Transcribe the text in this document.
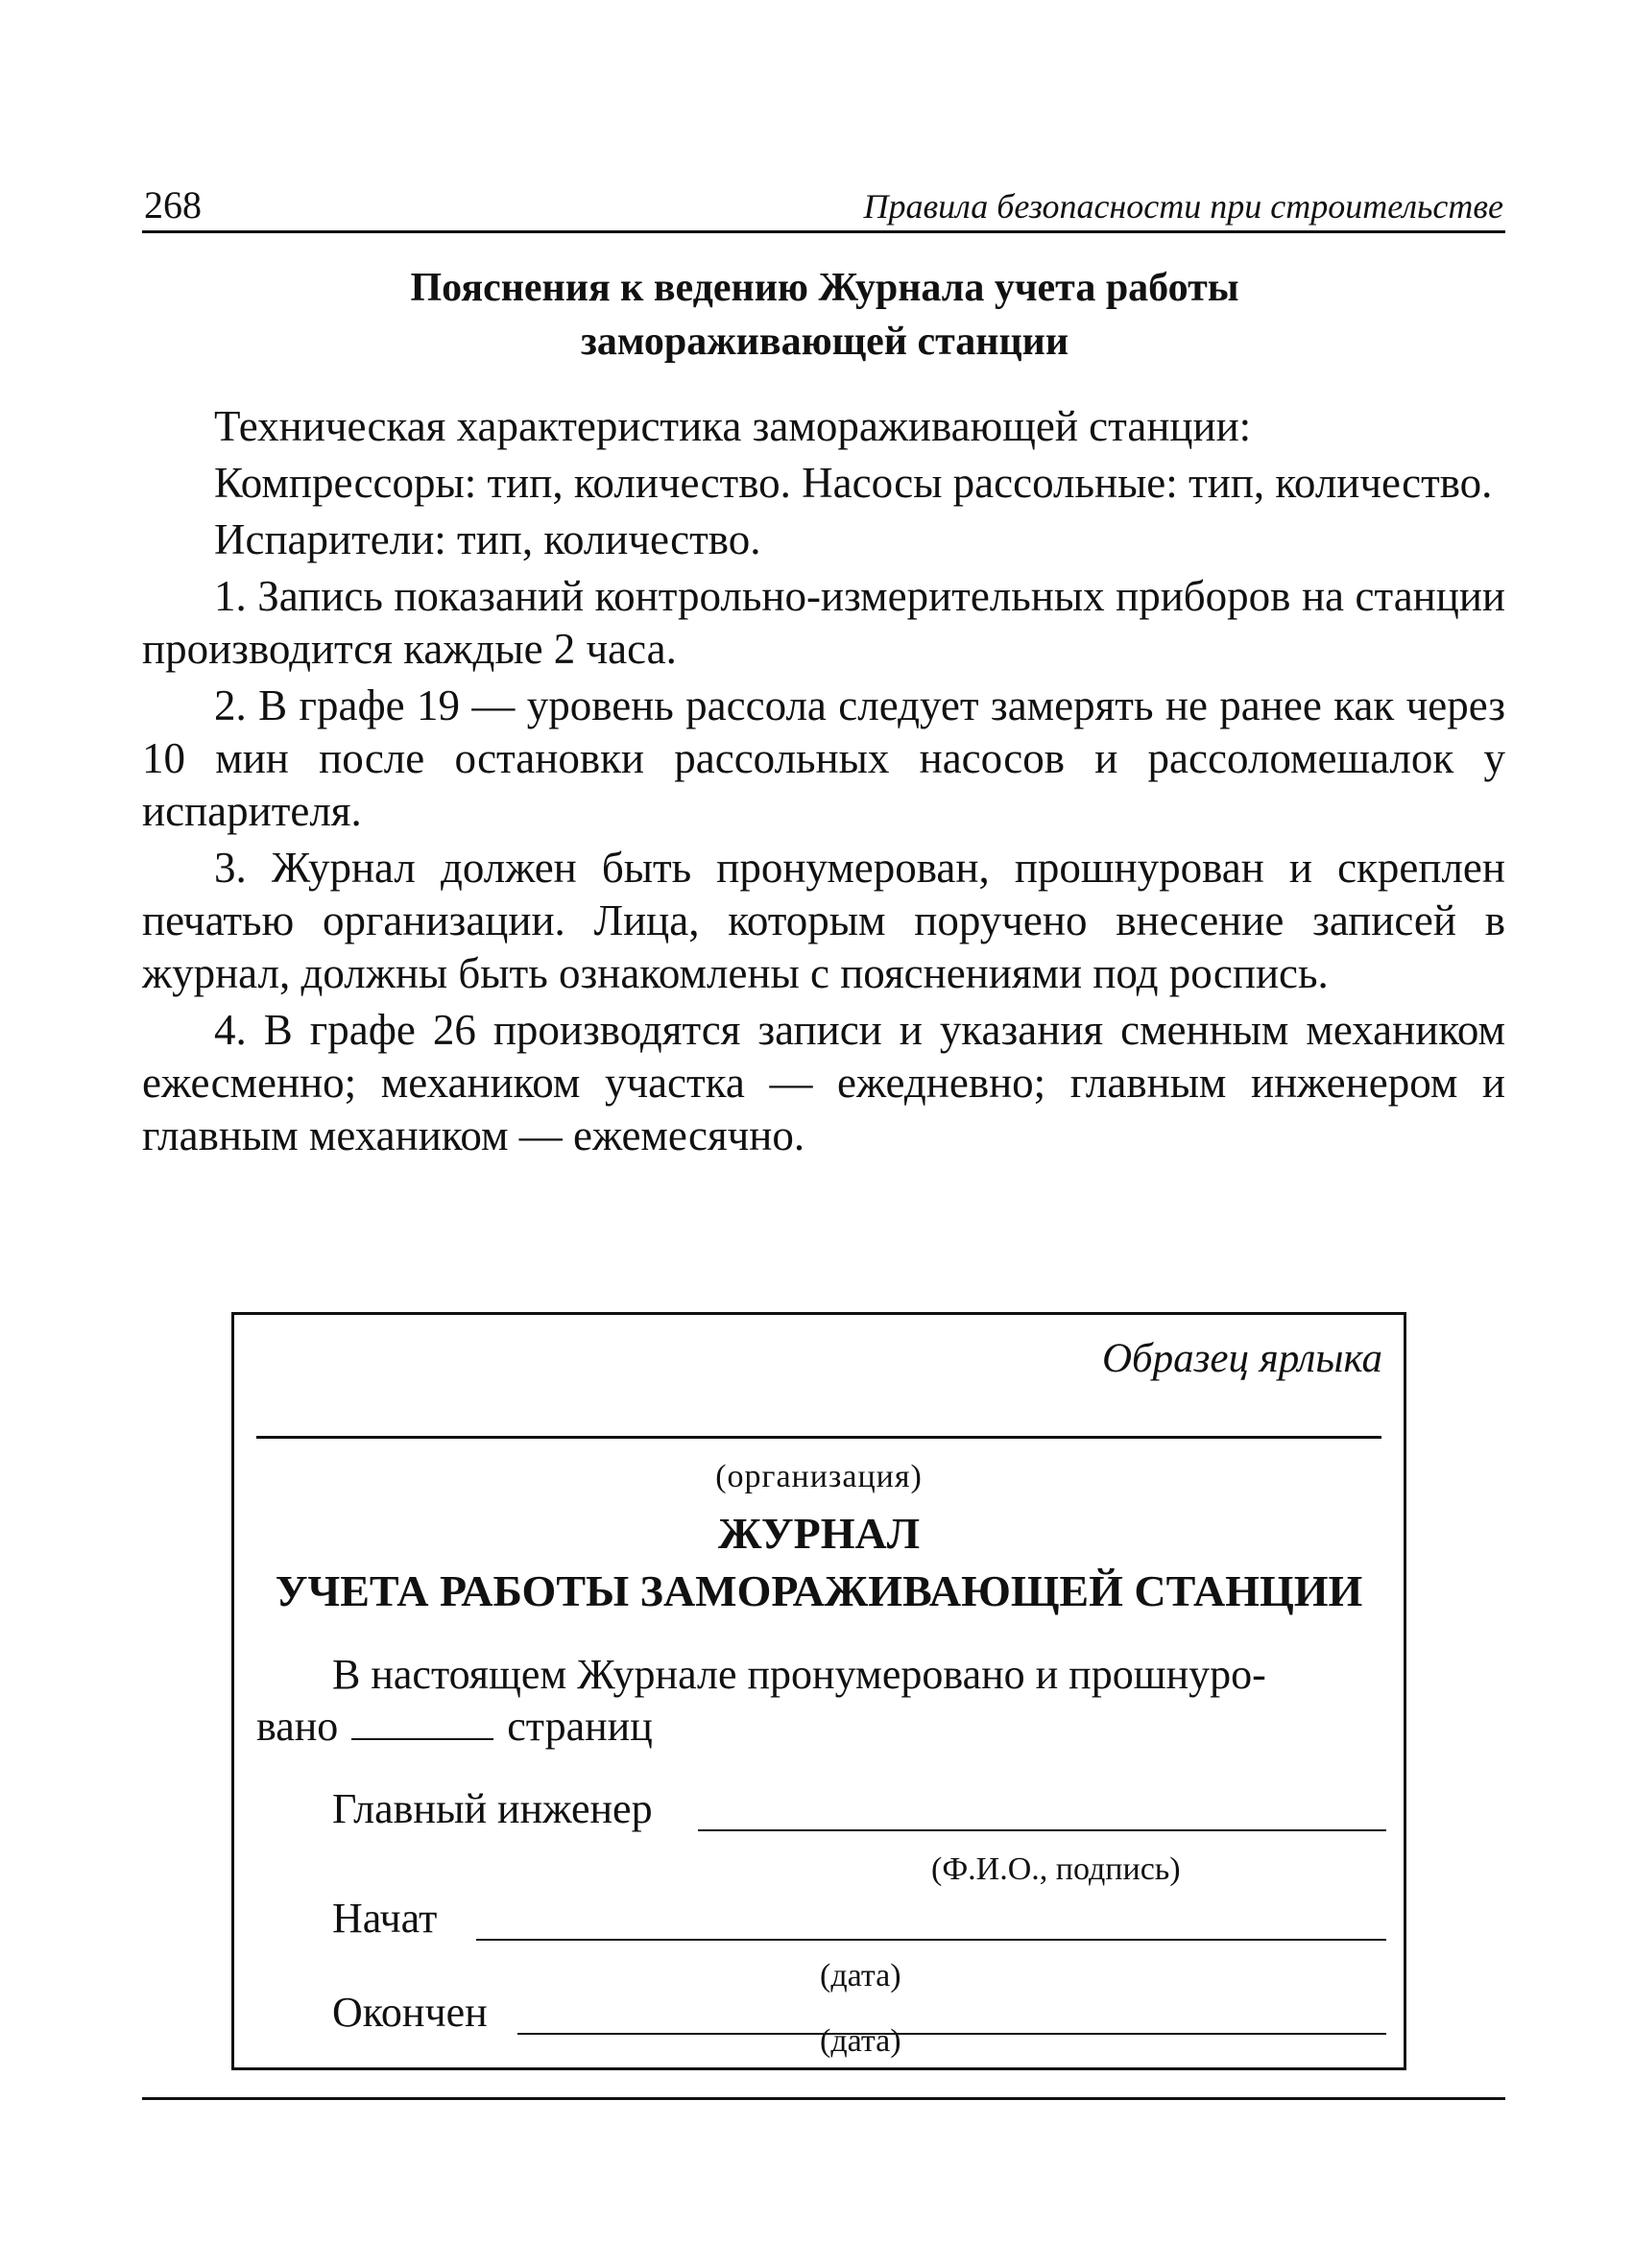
268	Правила безопасности при строительстве
Пояснения к ведению Журнала учета работы
замораживающей станции

Техническая характеристика замораживающей станции:

Компрессоры: тип, количество. Насосы рассольные: тип, количество.

Испарители: тип, количество.

1. Запись показаний контрольно-измерительных приборов на станции производится каждые 2 часа.

2. В графе 19 — уровень рассола следует замерять не ранее как через 10 мин после остановки рассольных насосов и рассоломешалок у испарителя.

3. Журнал должен быть пронумерован, прошнурован и скреплен печатью организации. Лица, которым поручено внесение записей в журнал, должны быть ознакомлены с пояснениями под роспись.

4. В графе 26 производятся записи и указания сменным механиком ежесменно; механиком участка — ежедневно; главным инженером и главным механиком — ежемесячно.

Образец ярлыка
(организация)
ЖУРНАЛ
УЧЕТА РАБОТЫ ЗАМОРАЖИВАЮЩЕЙ СТАНЦИИ
В настоящем Журнале пронумеровано и прошнуро-
вано	страниц
Главный инженер
(Ф.И.О., подпись)
Начат
(дата)
Окончен
(дата)
